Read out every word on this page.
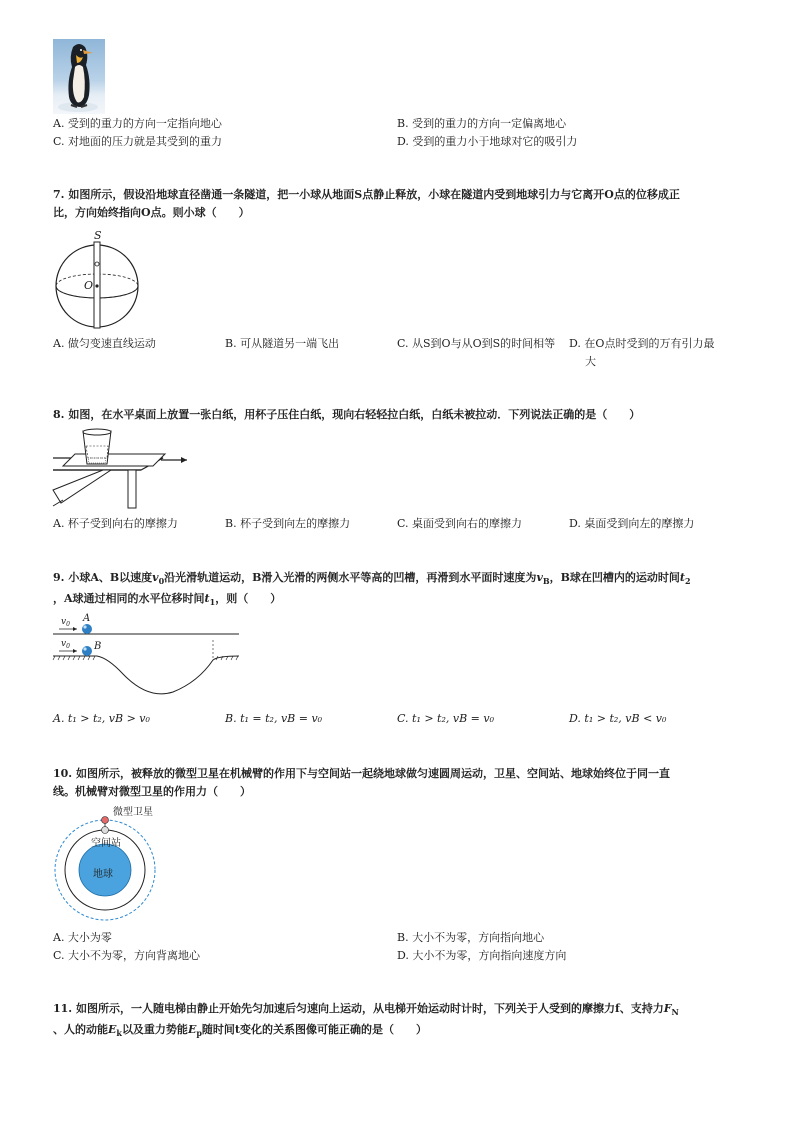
A. 受到的重力的方向一定指向地心	B. 受到的重力的方向一定偏离地心
C. 对地面的压力就是其受到的重力	D. 受到的重力小于地球对它的吸引力
7. 如图所示，假设沿地球直径凿通一条隧道，把一小球从地面S点静止释放，小球在隧道内受到地球引力与它离开O点的位移成正
比，方向始终指向O点。则小球（　　）
S
O
A. 做匀变速直线运动	B. 可从隧道另一端飞出	C. 从S到O与从O到S的时间相等 D. 在O点时受到的万有引力最
大
8. 如图，在水平桌面上放置一张白纸，用杯子压住白纸，现向右轻轻拉白纸，白纸未被拉动．下列说法正确的是（　　）
A. 杯子受到向右的摩擦力	B. 杯子受到向左的摩擦力	C. 桌面受到向右的摩擦力	D. 桌面受到向左的摩擦力
9. 小球A、B以速度$v_0$沿光滑轨道运动，B滑入光滑的两侧水平等高的凹槽，再滑到水平面时速度为$v_B$，B球在凹槽内的运动时间$t_2$
，A球通过相同的水平位移时间$t_1$，则（　　）
$v_0$
A
$v_0$ B
A. t₁ > t₂, vB > v₀	B. t₁ = t₂, vB = v₀	C. t₁ > t₂, vB = v₀	D. t₁ > t₂, vB < v₀
10. 如图所示，被释放的微型卫星在机械臂的作用下与空间站一起绕地球做匀速圆周运动，卫星、空间站、地球始终位于同一直
线。机械臂对微型卫星的作用力（　　）
微型卫星
空间站
地球
A. 大小为零	B. 大小不为零，方向指向地心
C. 大小不为零，方向背离地心	D. 大小不为零，方向指向速度方向
11. 如图所示，一人随电梯由静止开始先匀加速后匀速向上运动，从电梯开始运动时计时，下列关于人受到的摩擦力f、支持力$F_N$
、人的动能$E_k$以及重力势能$E_p$随时间t变化的关系图像可能正确的是（　　）
